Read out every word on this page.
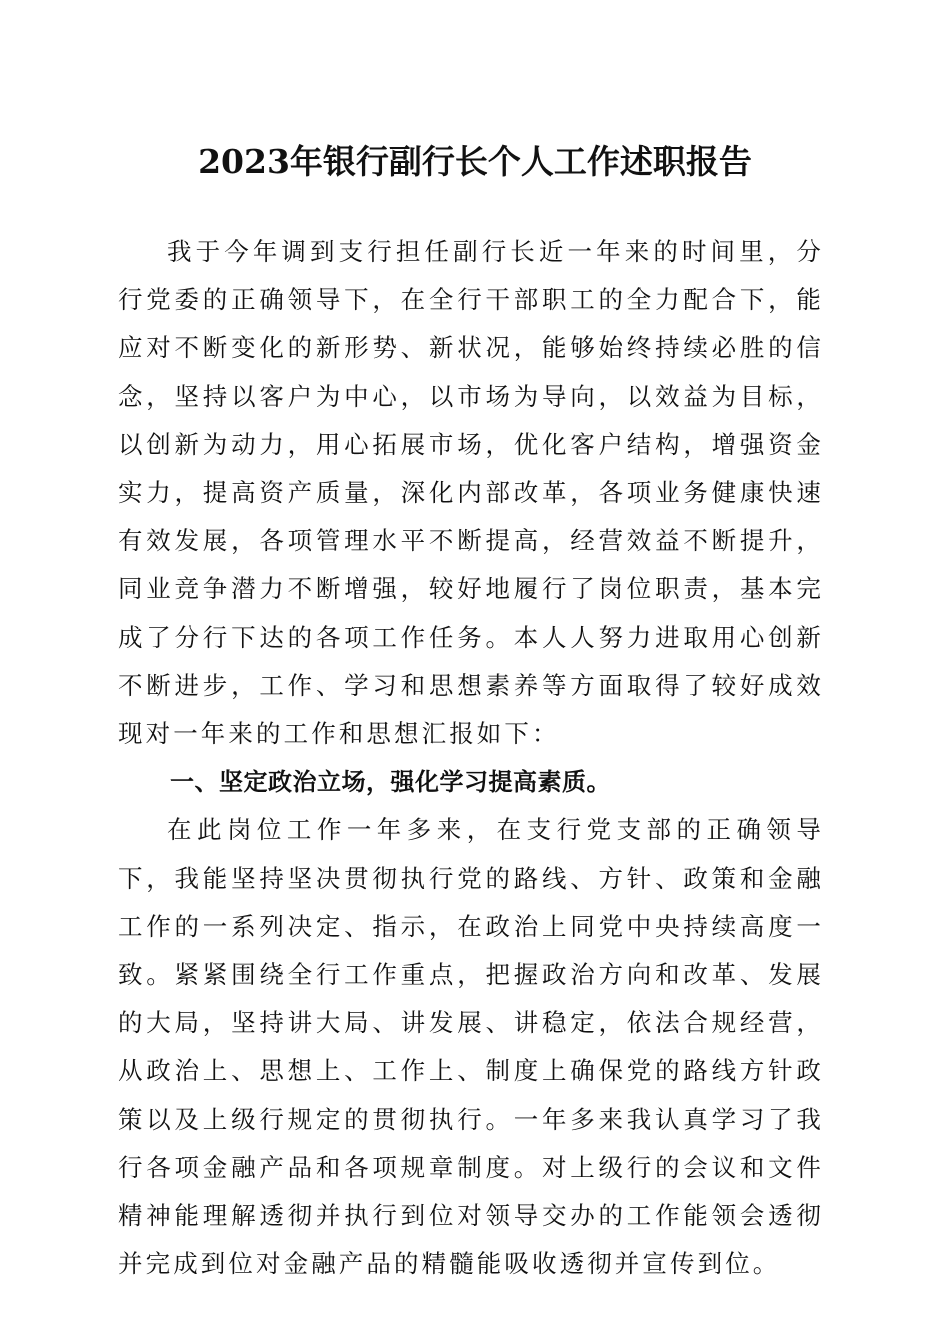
2023年银行副行长个人工作述职报告

我于今年调到支行担任副行长近一年来的时间里，分行党委的正确领导下，在全行干部职工的全力配合下，能应对不断变化的新形势、新状况，能够始终持续必胜的信念，坚持以客户为中心，以市场为导向，以效益为目标，以创新为动力，用心拓展市场，优化客户结构，增强资金实力，提高资产质量，深化内部改革，各项业务健康快速有效发展，各项管理水平不断提高，经营效益不断提升，同业竞争潜力不断增强，较好地履行了岗位职责，基本完成了分行下达的各项工作任务。本人人努力进取用心创新不断进步，工作、学习和思想素养等方面取得了较好成效现对一年来的工作和思想汇报如下：

一、坚定政治立场，强化学习提高素质。

在此岗位工作一年多来，在支行党支部的正确领导下，我能坚持坚决贯彻执行党的路线、方针、政策和金融工作的一系列决定、指示，在政治上同党中央持续高度一致。紧紧围绕全行工作重点，把握政治方向和改革、发展的大局，坚持讲大局、讲发展、讲稳定，依法合规经营，从政治上、思想上、工作上、制度上确保党的路线方针政策以及上级行规定的贯彻执行。一年多来我认真学习了我行各项金融产品和各项规章制度。对上级行的会议和文件精神能理解透彻并执行到位对领导交办的工作能领会透彻并完成到位对金融产品的精髓能吸收透彻并宣传到位。
